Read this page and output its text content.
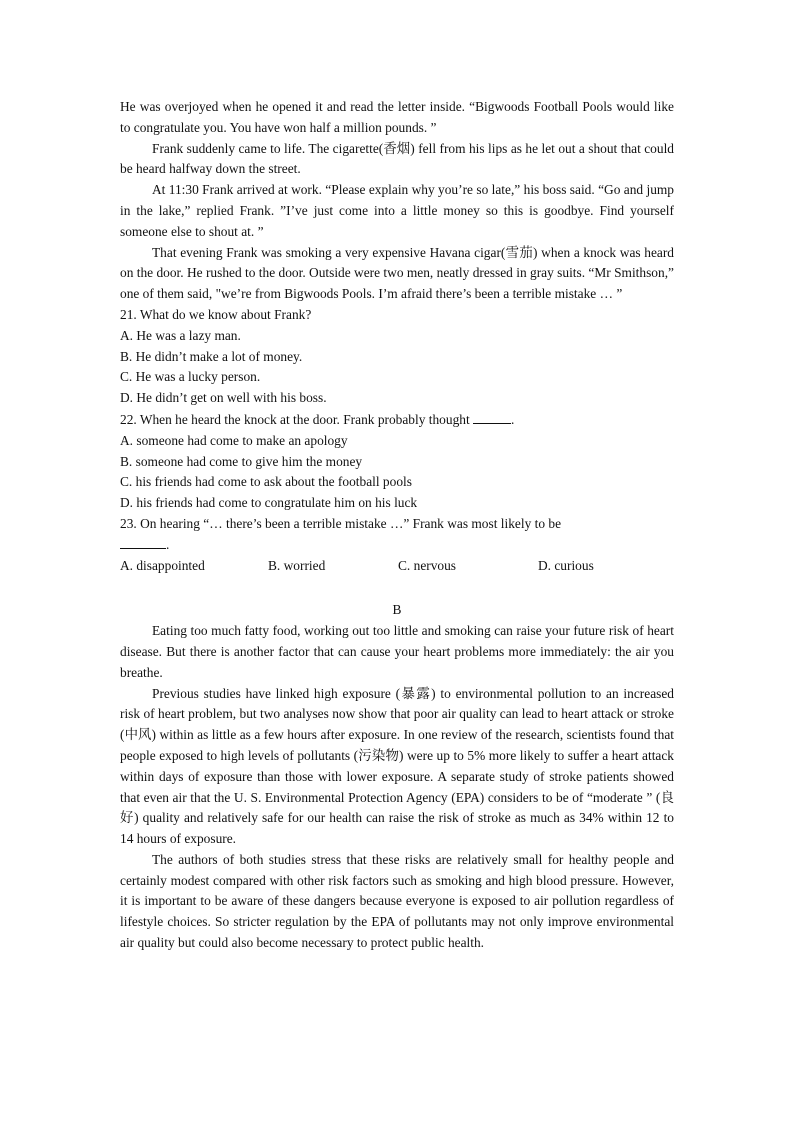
He was overjoyed when he opened it and read the letter inside. “Bigwoods Football Pools would like to congratulate you. You have won half a million pounds. ”

Frank suddenly came to life. The cigarette(香烟) fell from his lips as he let out a shout that could be heard halfway down the street.

At 11:30 Frank arrived at work. “Please explain why you’re so late,” his boss said. “Go and jump in the lake,” replied Frank. ”I’ve just come into a little money so this is goodbye. Find yourself someone else to shout at. ”

That evening Frank was smoking a very expensive Havana cigar(雪茄) when a knock was heard on the door. He rushed to the door. Outside were two men, neatly dressed in gray suits. “Mr Smithson,” one of them said, "we’re from Bigwoods Pools. I’m afraid there’s been a terrible mistake … ”

21. What do we know about Frank?

A. He was a lazy man.

B. He didn’t make a lot of money.

C. He was a lucky person.

D. He didn’t get on well with his boss.

22. When he heard the knock at the door. Frank probably thought	.

A. someone had come to make an apology

B. someone had come to give him the money

C. his friends had come to ask about the football pools

D. his friends had come to congratulate him on his luck

23. On hearing “… there’s been a terrible mistake …” Frank was most likely to be

.
A. disappointed	B. worried	C. nervous	D. curious

B

Eating too much fatty food, working out too little and smoking can raise your future risk of heart disease. But there is another factor that can cause your heart problems more immediately: the air you breathe.

Previous studies have linked high exposure (暴露) to environmental pollution to an increased risk of heart problem, but two analyses now show that poor air quality can lead to heart attack or stroke (中风) within as little as a few hours after exposure. In one review of the research, scientists found that people exposed to high levels of pollutants (污染物) were up to 5% more likely to suffer a heart attack within days of exposure than those with lower exposure. A separate study of stroke patients showed that even air that the U. S. Environmental Protection Agency (EPA) considers to be of “moderate ” (良好) quality and relatively safe for our health can raise the risk of stroke as much as 34% within 12 to 14 hours of exposure.

The authors of both studies stress that these risks are relatively small for healthy people and certainly modest compared with other risk factors such as smoking and high blood pressure. However, it is important to be aware of these dangers because everyone is exposed to air pollution regardless of lifestyle choices. So stricter regulation by the EPA of pollutants may not only improve environmental air quality but could also become necessary to protect public health.
